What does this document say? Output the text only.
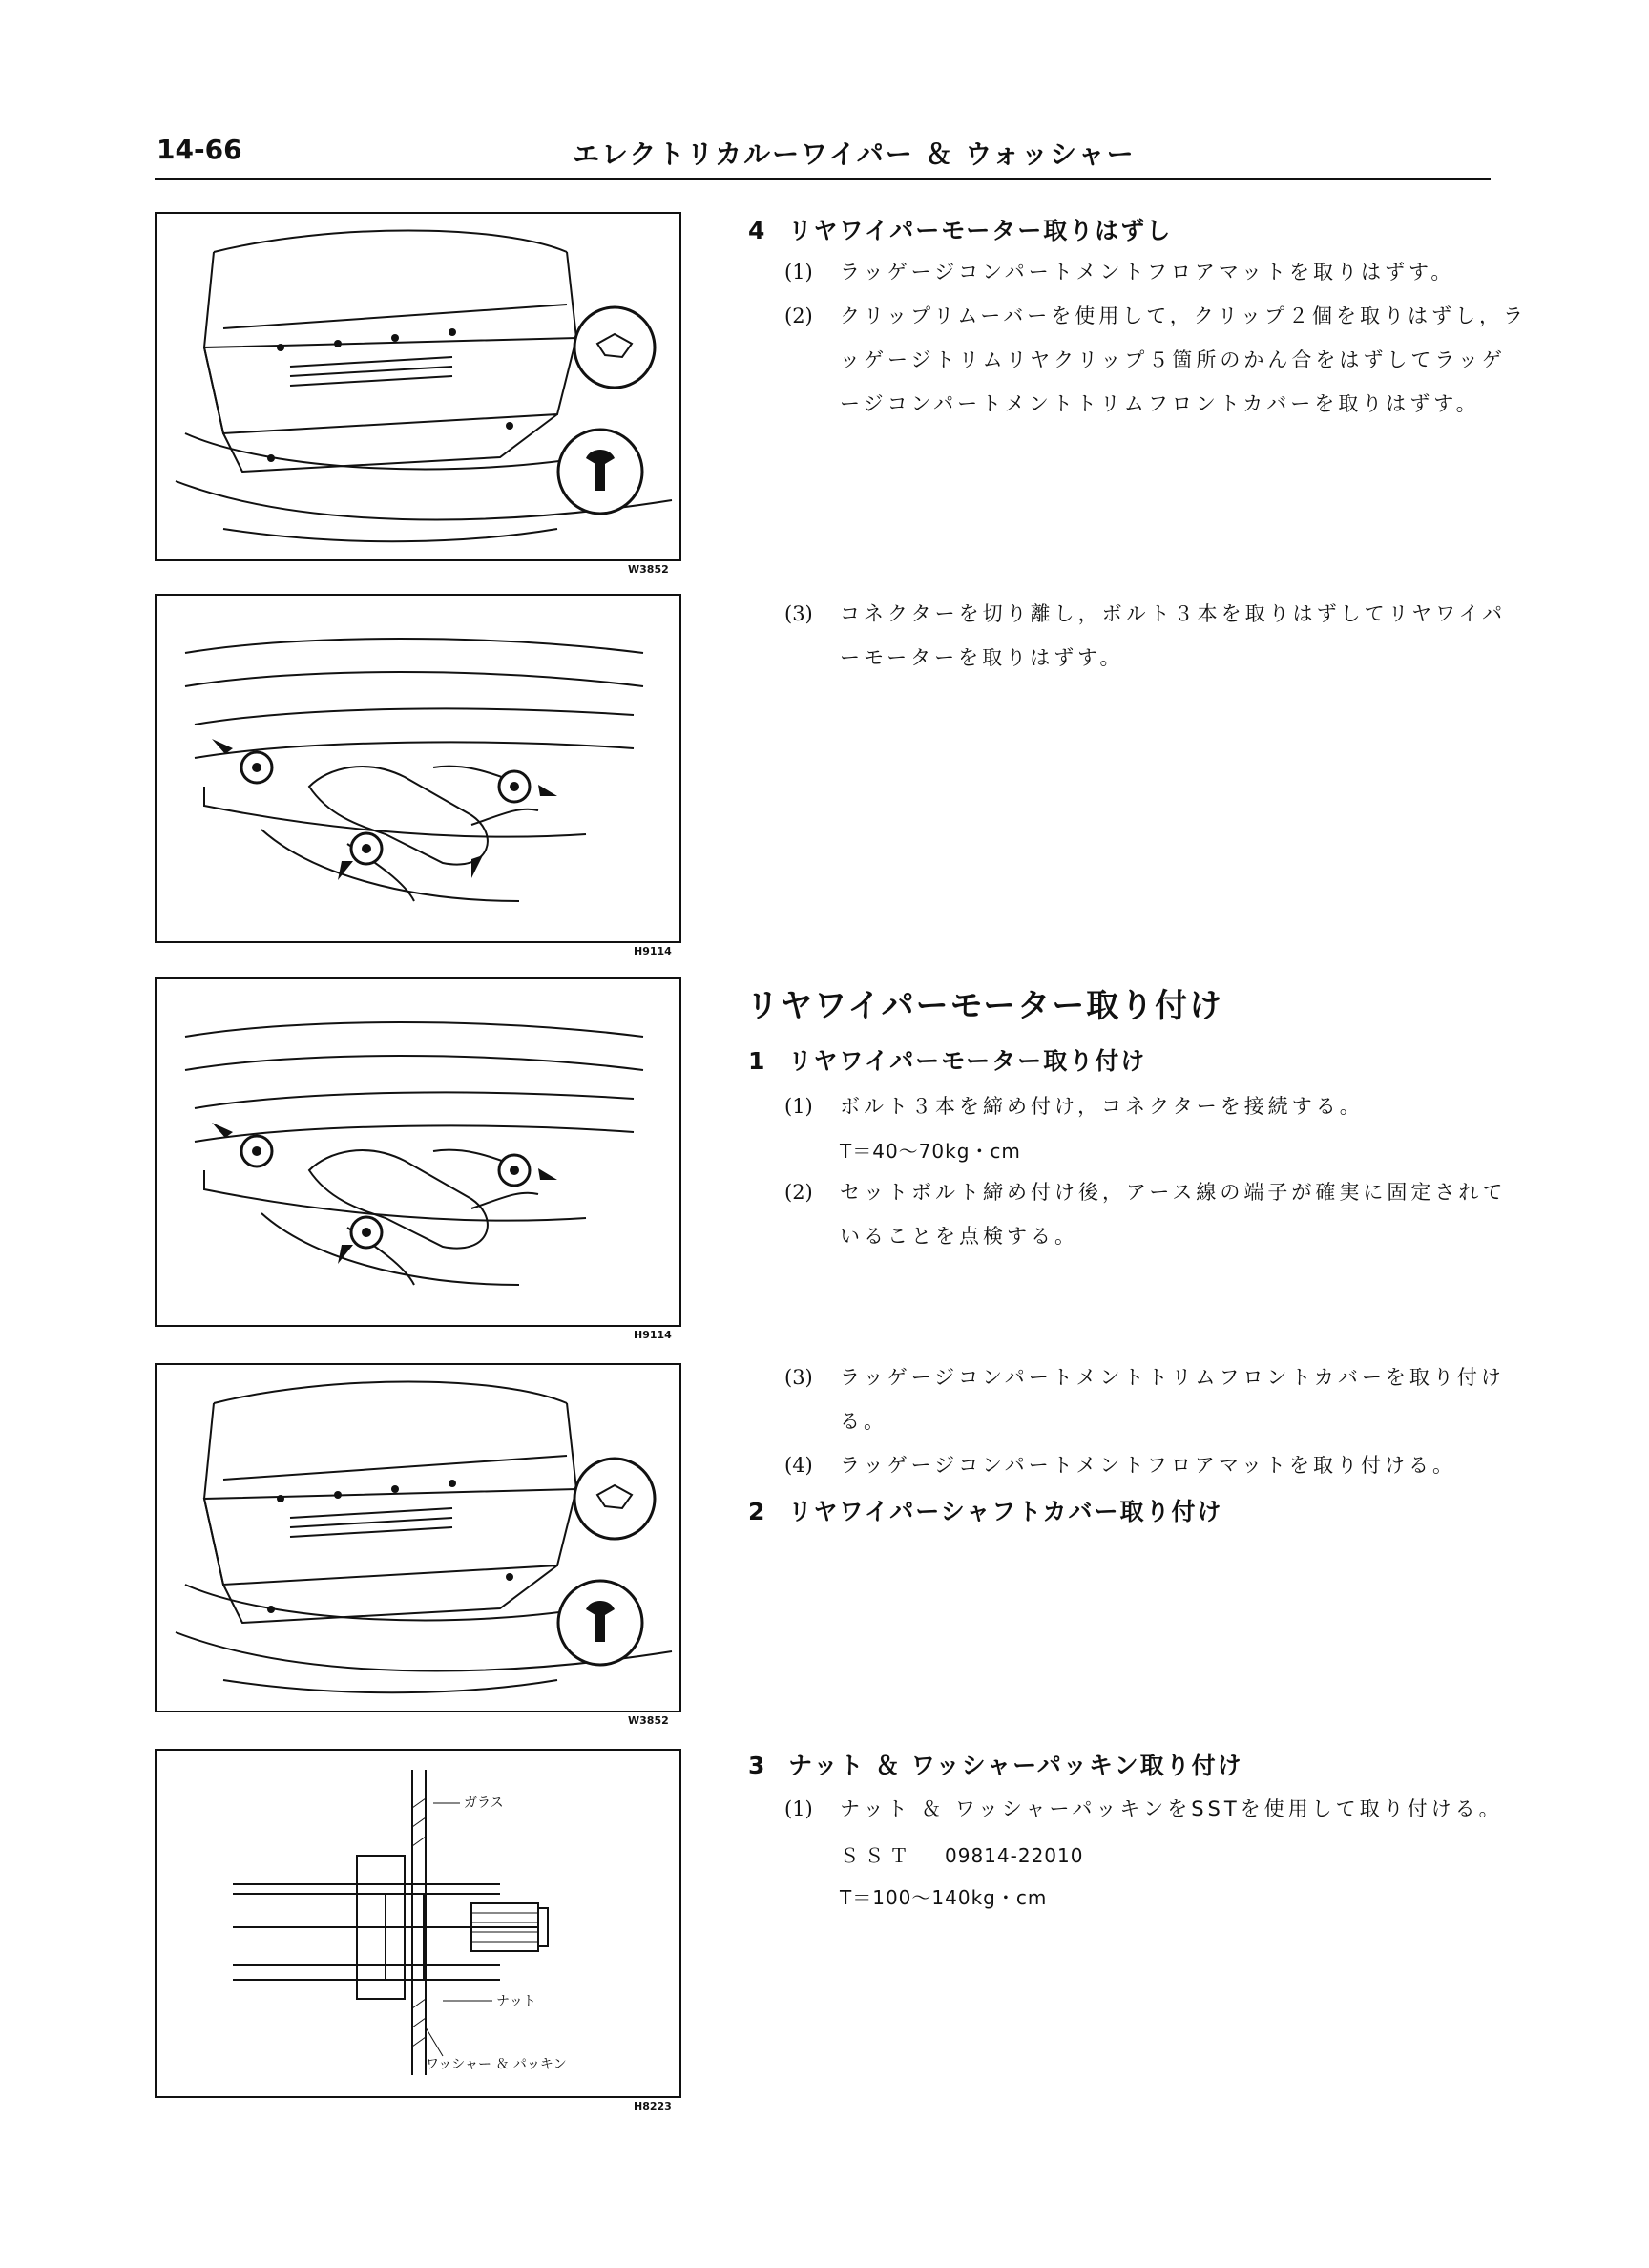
14-66	エレクトリカルーワイパー ＆ ウォッシャー
W3852
H9114
H9114
W3852
ガラス
ナット
ワッシャー ＆ パッキン
H8223
4 リヤワイパーモーター取りはずし
(1) ラッゲージコンパートメントフロアマットを取りはずす。
(2) クリップリムーバーを使用して，クリップ２個を取りはずし，ラッゲージトリムリヤクリップ５箇所のかん合をはずしてラッゲージコンパートメントトリムフロントカバーを取りはずす。
(3) コネクターを切り離し，ボルト３本を取りはずしてリヤワイパーモーターを取りはずす。
リヤワイパーモーター取り付け
1 リヤワイパーモーター取り付け
(1) ボルト３本を締め付け，コネクターを接続する。
T＝40〜70kg・cm
(2) セットボルト締め付け後，アース線の端子が確実に固定されていることを点検する。
(3) ラッゲージコンパートメントトリムフロントカバーを取り付ける。
(4) ラッゲージコンパートメントフロアマットを取り付ける。
2 リヤワイパーシャフトカバー取り付け
3 ナット ＆ ワッシャーパッキン取り付け
(1) ナット ＆ ワッシャーパッキンをSSTを使用して取り付ける。
ＳＳＴ 09814-22010
T＝100〜140kg・cm
